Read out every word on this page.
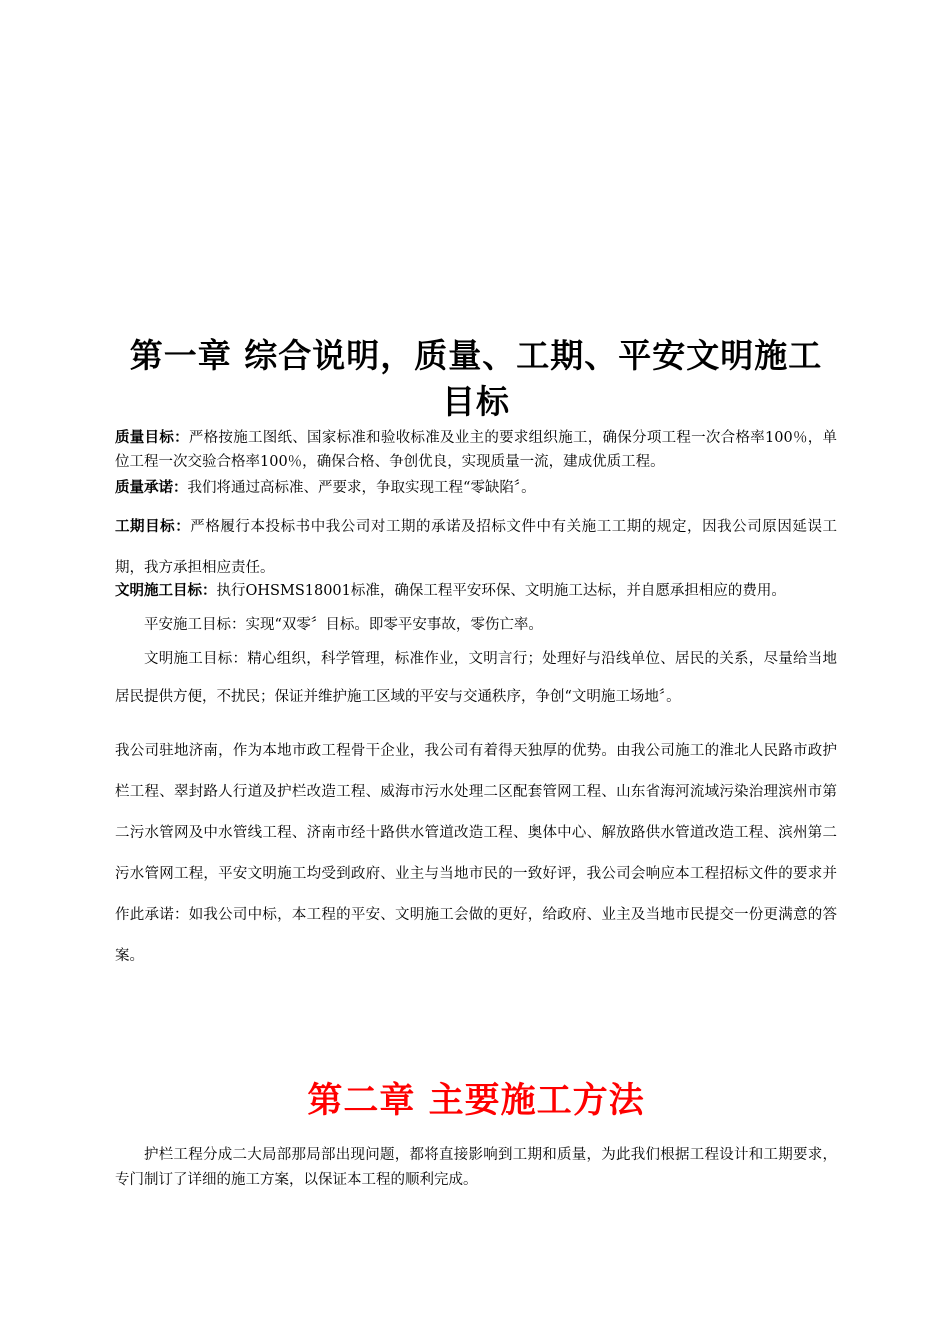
第一章 综合说明，质量、工期、平安文明施工
目标

质量目标：严格按施工图纸、国家标准和验收标准及业主的要求组织施工，确保分项工程一次合格率100％，单位工程一次交验合格率100％，确保合格、争创优良，实现质量一流，建成优质工程。

质量承诺：我们将通过高标准、严要求，争取实现工程“零缺陷〞。

工期目标：严格履行本投标书中我公司对工期的承诺及招标文件中有关施工工期的规定，因我公司原因延误工期，我方承担相应责任。

文明施工目标：执行OHSMS18001标准，确保工程平安环保、文明施工达标，并自愿承担相应的费用。

平安施工目标：实现“双零〞目标。即零平安事故，零伤亡率。

文明施工目标：精心组织，科学管理，标准作业，文明言行；处理好与沿线单位、居民的关系，尽量给当地居民提供方便，不扰民；保证并维护施工区域的平安与交通秩序，争创“文明施工场地〞。

我公司驻地济南，作为本地市政工程骨干企业，我公司有着得天独厚的优势。由我公司施工的淮北人民路市政护栏工程、翠封路人行道及护栏改造工程、威海市污水处理二区配套管网工程、山东省海河流域污染治理滨州市第二污水管网及中水管线工程、济南市经十路供水管道改造工程、奥体中心、解放路供水管道改造工程、滨州第二污水管网工程，平安文明施工均受到政府、业主与当地市民的一致好评，我公司会响应本工程招标文件的要求并作此承诺：如我公司中标，本工程的平安、文明施工会做的更好，给政府、业主及当地市民提交一份更满意的答案。

第二章 主要施工方法

护栏工程分成二大局部那局部出现问题，都将直接影响到工期和质量，为此我们根据工程设计和工期要求，专门制订了详细的施工方案，以保证本工程的顺利完成。
